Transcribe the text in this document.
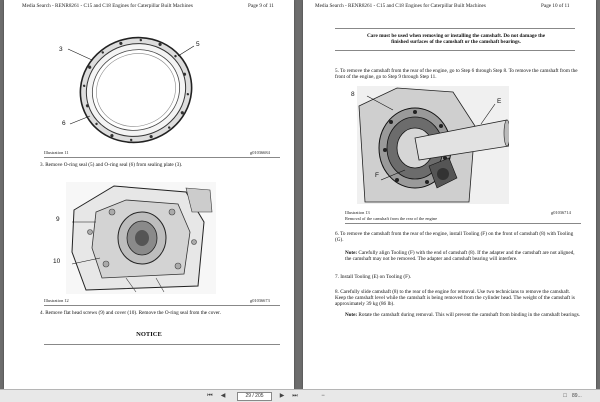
Media Search - RENR8261 - C15 and C18 Engines for Caterpillar Built Machines	Page 9 of 11
3
5
6
Illustration 11	g01036684
3. Remove O-ring seal (5) and O-ring seal (6) from sealing plate (3).
9
10
Illustration 12	g01036673
4. Remove flat head screws (9) and cover (10). Remove the O-ring seal from the cover.
NOTICE
Media Search - RENR8261 - C15 and C18 Engines for Caterpillar Built Machines	Page 10 of 11
Care must be used when removing or installing the camshaft. Do not damage the finished surfaces of the camshaft or the camshaft bearings.
5. To remove the camshaft from the rear of the engine, go to Step 6 through Step 8. To remove the camshaft from the front of the engine, go to Step 9 through Step 11.
8
E
F
Illustration 13	g01036714
Removal of the camshaft from the rear of the engine
6. To remove the camshaft from the rear of the engine, install Tooling (F) on the front of camshaft (8) with Tooling (G).
Note: Carefully align Tooling (F) with the end of camshaft (8). If the adapter and the camshaft are not aligned, the camshaft may not be removed. The adapter and camshaft bearing will interfere.
7. Install Tooling (E) on Tooling (F).
8. Carefully slide camshaft (8) to the rear of the engine for removal. Use two technicians to remove the camshaft. Keep the camshaft level while the camshaft is being removed from the cylinder head. The weight of the camshaft is approximately 39 kg (86 lb).
Note: Rotate the camshaft during removal. This will prevent the camshaft from binding in the camshaft bearings.
⏮ ◀	29 / 205	▶ ⏭	−	□	89...
